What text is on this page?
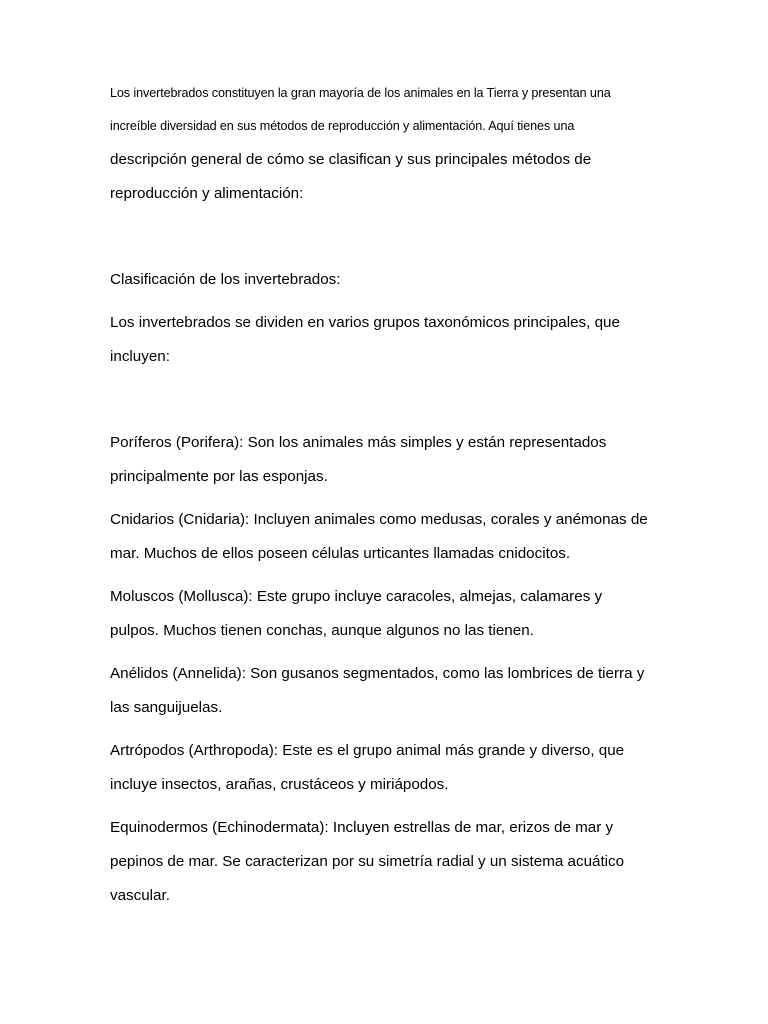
Los invertebrados constituyen la gran mayoría de los animales en la Tierra y presentan una

increíble diversidad en sus métodos de reproducción y alimentación. Aquí tienes una

descripción general de cómo se clasifican y sus principales métodos de

reproducción y alimentación:

Clasificación de los invertebrados:

Los invertebrados se dividen en varios grupos taxonómicos principales, que

incluyen:

Poríferos (Porifera): Son los animales más simples y están representados

principalmente por las esponjas.

Cnidarios (Cnidaria): Incluyen animales como medusas, corales y anémonas de

mar. Muchos de ellos poseen células urticantes llamadas cnidocitos.

Moluscos (Mollusca): Este grupo incluye caracoles, almejas, calamares y

pulpos. Muchos tienen conchas, aunque algunos no las tienen.

Anélidos (Annelida): Son gusanos segmentados, como las lombrices de tierra y

las sanguijuelas.

Artrópodos (Arthropoda): Este es el grupo animal más grande y diverso, que

incluye insectos, arañas, crustáceos y miriápodos.

Equinodermos (Echinodermata): Incluyen estrellas de mar, erizos de mar y

pepinos de mar. Se caracterizan por su simetría radial y un sistema acuático

vascular.
